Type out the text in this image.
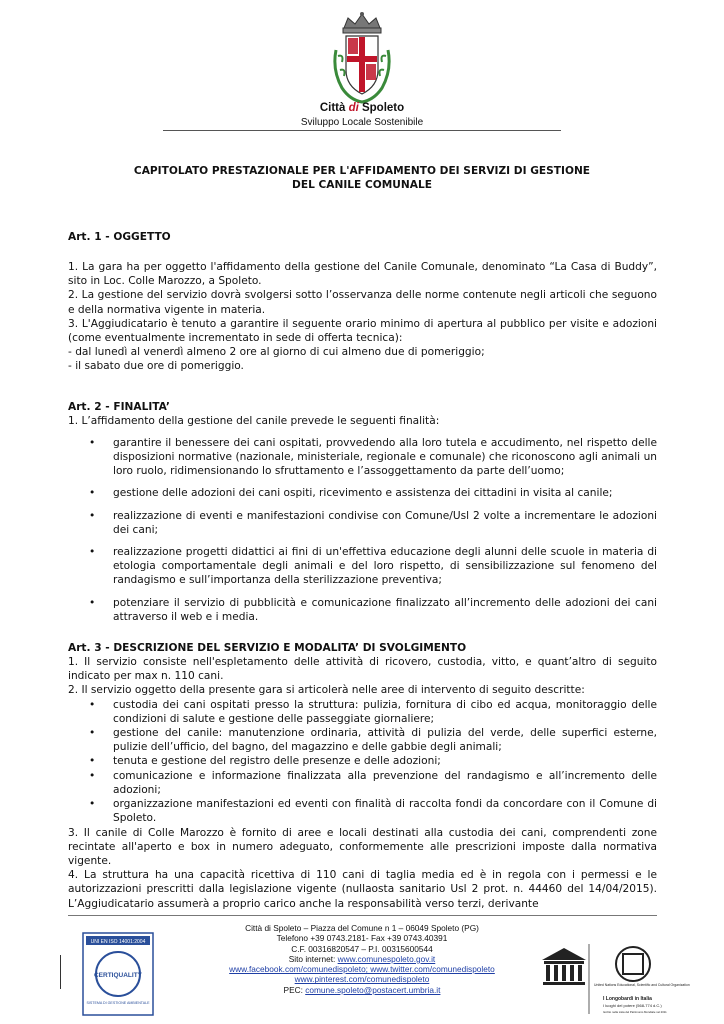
Città di Spoleto
Sviluppo Locale Sostenibile
CAPITOLATO PRESTAZIONALE PER L'AFFIDAMENTO DEI SERVIZI DI GESTIONE
DEL CANILE COMUNALE
Art. 1 - OGGETTO

1. La gara ha per oggetto l'affidamento della gestione del Canile Comunale, denominato “La Casa di Buddy”, sito in Loc. Colle Marozzo, a Spoleto.

2. La gestione del servizio dovrà svolgersi sotto l’osservanza delle norme contenute negli articoli che seguono e della normativa vigente in materia.

3. L'Aggiudicatario è tenuto a garantire il seguente orario minimo di apertura al pubblico per visite e adozioni (come eventualmente incrementato in sede di offerta tecnica):
- dal lunedì al venerdì almeno 2 ore al giorno di cui almeno due di pomeriggio;
- il sabato due ore di pomeriggio.

Art. 2 - FINALITA’

1. L’affidamento della gestione del canile prevede le seguenti finalità:

• garantire il benessere dei cani ospitati, provvedendo alla loro tutela e accudimento, nel rispetto delle disposizioni normative (nazionale, ministeriale, regionale e comunale) che riconoscono agli animali un loro ruolo, ridimensionando lo sfruttamento e l’assoggettamento da parte dell’uomo;
• gestione delle adozioni dei cani ospiti, ricevimento e assistenza dei cittadini in visita al canile;
• realizzazione di eventi e manifestazioni condivise con Comune/Usl 2 volte a incrementare le adozioni dei cani;
• realizzazione progetti didattici ai fini di un'effettiva educazione degli alunni delle scuole in materia di etologia comportamentale degli animali e del loro rispetto, di sensibilizzazione sul fenomeno del randagismo e sull’importanza della sterilizzazione preventiva;
• potenziare il servizio di pubblicità e comunicazione finalizzato all’incremento delle adozioni dei cani attraverso il web e i media.
Art. 3 - DESCRIZIONE DEL SERVIZIO E MODALITA’ DI SVOLGIMENTO

1. Il servizio consiste nell'espletamento delle attività di ricovero, custodia, vitto, e quant’altro di seguito indicato per max n. 110 cani.

2. Il servizio oggetto della presente gara si articolerà nelle aree di intervento di seguito descritte:

• custodia dei cani ospitati presso la struttura: pulizia, fornitura di cibo ed acqua, monitoraggio delle condizioni di salute e gestione delle passeggiate giornaliere;
• gestione del canile: manutenzione ordinaria, attività di pulizia del verde, delle superfici esterne, pulizie dell’ufficio, del bagno, del magazzino e delle gabbie degli animali;
• tenuta e gestione del registro delle presenze e delle adozioni;
• comunicazione e informazione finalizzata alla prevenzione del randagismo e all’incremento delle adozioni;
• organizzazione manifestazioni ed eventi con finalità di raccolta fondi da concordare con il Comune di Spoleto.

3. Il canile di Colle Marozzo è fornito di aree e locali destinati alla custodia dei cani, comprendenti zone recintate all'aperto e box in numero adeguato, conformemente alle prescrizioni imposte dalla normativa vigente.

4. La struttura ha una capacità ricettiva di 110 cani di taglia media ed è in regola con i permessi e le autorizzazioni prescritti dalla legislazione vigente (nullaosta sanitario Usl 2 prot. n. 44460 del 14/04/2015). L’Aggiudicatario assumerà a proprio carico anche la responsabilità verso terzi, derivante

UNI EN ISO 14001:2004
CERTIQUALITY
SISTEMA DI GESTIONE AMBIENTALE
Città di Spoleto – Piazza del Comune n 1 – 06049 Spoleto (PG)
Telefono +39 0743.2181- Fax +39 0743.40391
C.F. 00316820547 – P.I. 00315600544
Sito internet: www.comunespoleto.gov.it
www.facebook.com/comunedispoleto; www.twitter.com/comunedispoleto
www.pinterest.com/comunedispoleto
PEC: comune.spoleto@postacert.umbria.it	United Nations Educational, Scientific and Cultural Organization
I Longobardi in Italia
I luoghi del potere (568-774 d.C.)
Iscritto nella Lista del Patrimonio Mondiale nel 2011
